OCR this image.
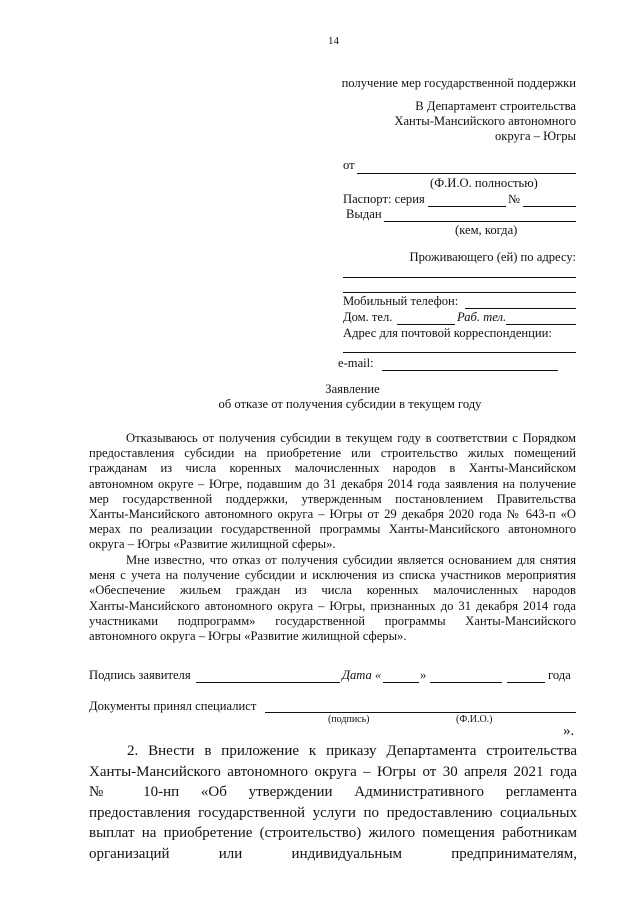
14
получение мер государственной поддержки
В Департамент строительства
Ханты-Мансийского автономного
округа – Югры
от
(Ф.И.О. полностью)
Паспорт: серия	№
Выдан
(кем, когда)
Проживающего (ей) по адресу:
Мобильный телефон:
Дом. тел.	Раб. тел.
Адрес для почтовой корреспонденции:
e-mail:
Заявление
об отказе от получения субсидии в текущем году
Отказываюсь от получения субсидии в текущем году в соответствии с Порядком
предоставления субсидии на приобретение или строительство жилых помещений
гражданам из числа коренных малочисленных народов в Ханты-Мансийском
автономном округе – Югре, подавшим до 31 декабря 2014 года заявления на получение
мер государственной поддержки, утвержденным постановлением Правительства
Ханты-Мансийского автономного округа – Югры от 29 декабря 2020 года № 643-п «О
мерах по реализации государственной программы Ханты-Мансийского автономного
округа – Югры «Развитие жилищной сферы».
Мне известно, что отказ от получения субсидии является основанием для снятия
меня с учета на получение субсидии и исключения из списка участников мероприятия
«Обеспечение жильем граждан из числа коренных малочисленных народов
Ханты-Мансийского автономного округа – Югры, признанных до 31 декабря 2014 года
участниками подпрограмм» государственной программы Ханты-Мансийского
автономного округа – Югры «Развитие жилищной сферы».
Подпись заявителя	Дата «	»	года
Документы принял специалист
(подпись)	(Ф.И.О.)
».
2. Внести в приложение к приказу Департамента строительства
Ханты-Мансийского автономного округа – Югры от 30 апреля 2021 года
№ 10-нп «Об утверждении Административного регламента
предоставления государственной услуги по предоставлению социальных
выплат на приобретение (строительство) жилого помещения работникам
организаций или индивидуальным предпринимателям,
